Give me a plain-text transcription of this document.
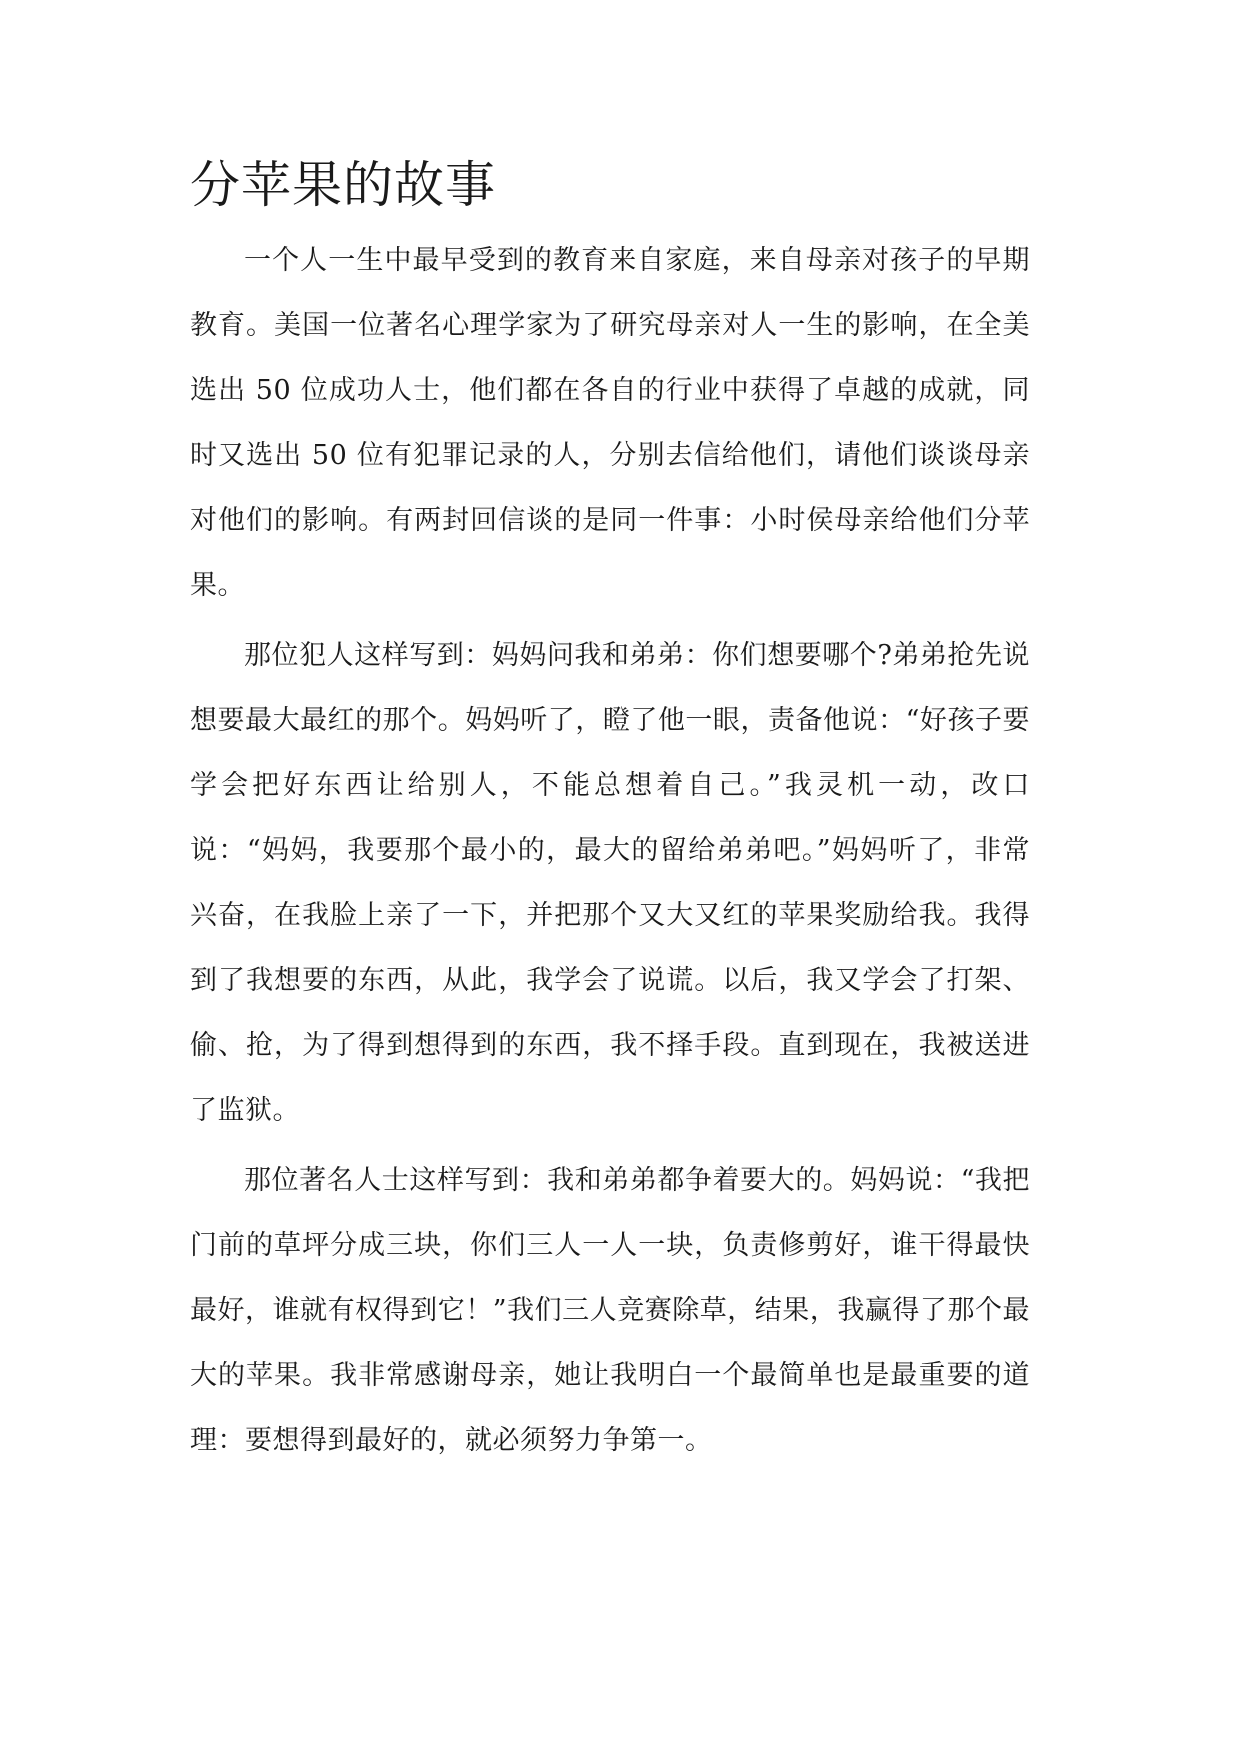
分苹果的故事

一个人一生中最早受到的教育来自家庭，来自母亲对孩子的早期教育。美国一位著名心理学家为了研究母亲对人一生的影响，在全美选出 50 位成功人士，他们都在各自的行业中获得了卓越的成就，同时又选出 50 位有犯罪记录的人，分别去信给他们，请他们谈谈母亲对他们的影响。有两封回信谈的是同一件事：小时侯母亲给他们分苹果。

那位犯人这样写到：妈妈问我和弟弟：你们想要哪个?弟弟抢先说想要最大最红的那个。妈妈听了，瞪了他一眼，责备他说：“好孩子要学会把好东西让给别人，不能总想着自己。”我灵机一动，改口说：“妈妈，我要那个最小的，最大的留给弟弟吧。”妈妈听了，非常兴奋，在我脸上亲了一下，并把那个又大又红的苹果奖励给我。我得到了我想要的东西，从此，我学会了说谎。以后，我又学会了打架、偷、抢，为了得到想得到的东西，我不择手段。直到现在，我被送进了监狱。

那位著名人士这样写到：我和弟弟都争着要大的。妈妈说：“我把门前的草坪分成三块，你们三人一人一块，负责修剪好，谁干得最快最好，谁就有权得到它！”我们三人竞赛除草，结果，我赢得了那个最大的苹果。我非常感谢母亲，她让我明白一个最简单也是最重要的道理：要想得到最好的，就必须努力争第一。
